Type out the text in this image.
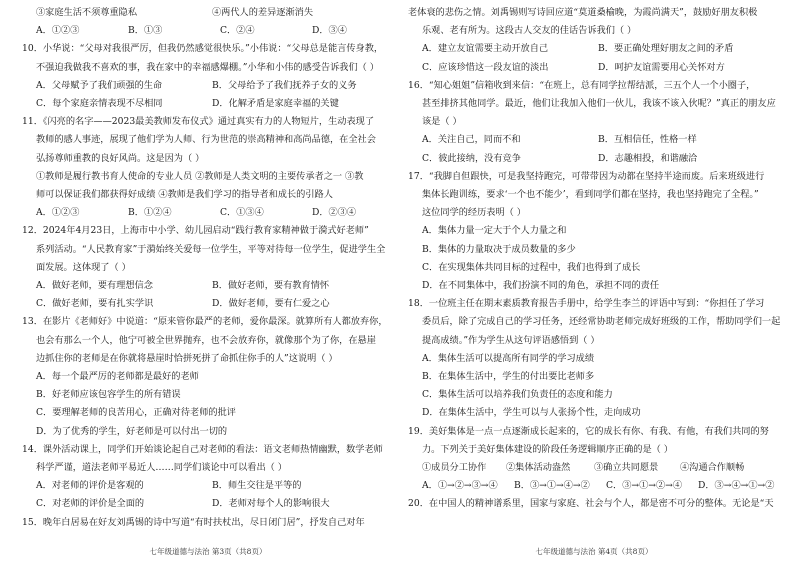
七年级道德与法治 第3页（共8页）
③家庭生活不须尊重隐私	④两代人的差异逐渐消失
A．①②③	B．①③	C．②④	D．③④
10．小华说：“父母对我很严厉，但我仍然感觉很快乐。”小伟说：“父母总是能言传身教，
不强迫我做我不喜欢的事，我在家中的幸福感爆棚。”小华和小伟的感受告诉我们（ ）
A．父母赋予了我们顽强的生命	B．父母给予了我们抚养子女的义务
C．每个家庭亲情表现不尽相同	D．化解矛盾是家庭幸福的关键
11．《闪亮的名字——2023最美教师发布仪式》通过真实有力的人物短片，生动表现了
教师的感人事迹，展现了他们学为人师、行为世范的崇高精神和高尚品德，在全社会
弘扬尊师重教的良好风尚。这是因为（ ）
①教师是履行教书育人使命的专业人员 ②教师是人类文明的主要传承者之一 ③教
师可以保证我们都获得好成绩 ④教师是我们学习的指导者和成长的引路人
A．①②③	B．①②④	C．①③④	D．②③④
12．2024年4月23日，上海市中小学、幼儿园启动“践行教育家精神做于漪式好老师”
系列活动。“人民教育家”于漪始终关爱每一位学生，平等对待每一位学生，促进学生全
面发展。这体现了（ ）
A．做好老师，要有理想信念	B．做好老师，要有教育情怀
C．做好老师，要有扎实学识	D．做好老师，要有仁爱之心
13．在影片《老师好》中说道：“原来管你最严的老师，爱你最深。就算所有人都放弃你，
也会有那么一个人，他宁可被全世界抛弃，也不会放弃你，就像那个为了你，在悬崖
边抓住你的老师是在你就将悬崖时恰拼死拼了命抓住你手的人”这说明（ ）
A．每一个最严厉的老师都是最好的老师
B．好老师应该包容学生的所有错误
C．要理解老师的良苦用心，正确对待老师的批评
D．为了优秀的学生，好老师是可以付出一切的
14．课外活动课上，同学们开始谈论起自己对老师的看法：语文老师热情幽默，数学老师
科学严谨，道法老师平易近人……同学们谈论中可以看出（ ）
A．对老师的评价是客观的	B．师生交往是平等的
C．对老师的评价是全面的	D．老师对每个人的影响很大
15．晚年白居易在好友刘禹锡的诗中写道“有时扶杖出，尽日闭门居”，抒发自己对年
七年级道德与法治 第4页（共8页）
老体衰的悲伤之情。刘禹锡则写诗回应道“莫道桑榆晚，为霞尚满天”，鼓励好朋友积极
乐观、老有所为。这段古人交友的佳话告诉我们（ ）
A．建立友谊需要主动开放自己	B．要正确处理好朋友之间的矛盾
C．应该珍惜这一段友谊的淡出	D．呵护友谊需要用心关怀对方
16．“知心姐姐”信箱收到来信：“在班上，总有同学拉帮结派，三五个人一个小圈子，
甚至排挤其他同学。最近，他们让我加入他们一伙儿，我该不该入伙呢？”真正的朋友应
该是（ ）
A．关注自己，同而不和	B．互相信任，性格一样
C．彼此接纳，没有竞争	D．志趣相投，和谐融洽
17．“我脚自但跟快，可是我坚持跑完，可带带因为动都在坚持半途而废。后来班级进行
集体长跑训练，要求‘一个也不能少’，看到同学们都在坚持，我也坚持跑完了全程。”
这位同学的经历表明（ ）
A．集体力量一定大于个人力量之和
B．集体的力量取决于成员数量的多少
C．在实现集体共同目标的过程中，我们也得到了成长
D．在不同集体中，我们扮演不同的角色，承担不同的责任
18．一位班主任在期末素质教育报告手册中，给学生李兰的评语中写到：“你担任了学习
委员后，除了完成自己的学习任务，还经常协助老师完成好班级的工作，帮助同学们一起
提高成绩。”作为学生从这句评语感悟到（ ）
A．集体生活可以提高所有同学的学习成绩
B．在集体生活中，学生的付出要比老师多
C．集体生活可以培养我们负责任的态度和能力
D．在集体生活中，学生可以与人张扬个性，走向成功
19．美好集体是一点一点逐渐成长起来的，它的成长有你、有我、有他，有我们共同的努
力。下列关于美好集体建设的阶段任务逻辑顺序正确的是（ ）
①成员分工协作 ②集体活动盎然	③确立共同愿景 ④沟通合作顺畅
A．①→②→③→④ B．③→①→④→② C．③→①→②→④ D．③→④→①→②
20．在中国人的精神谱系里，国家与家庭、社会与个人，都是密不可分的整体。无论是“天
